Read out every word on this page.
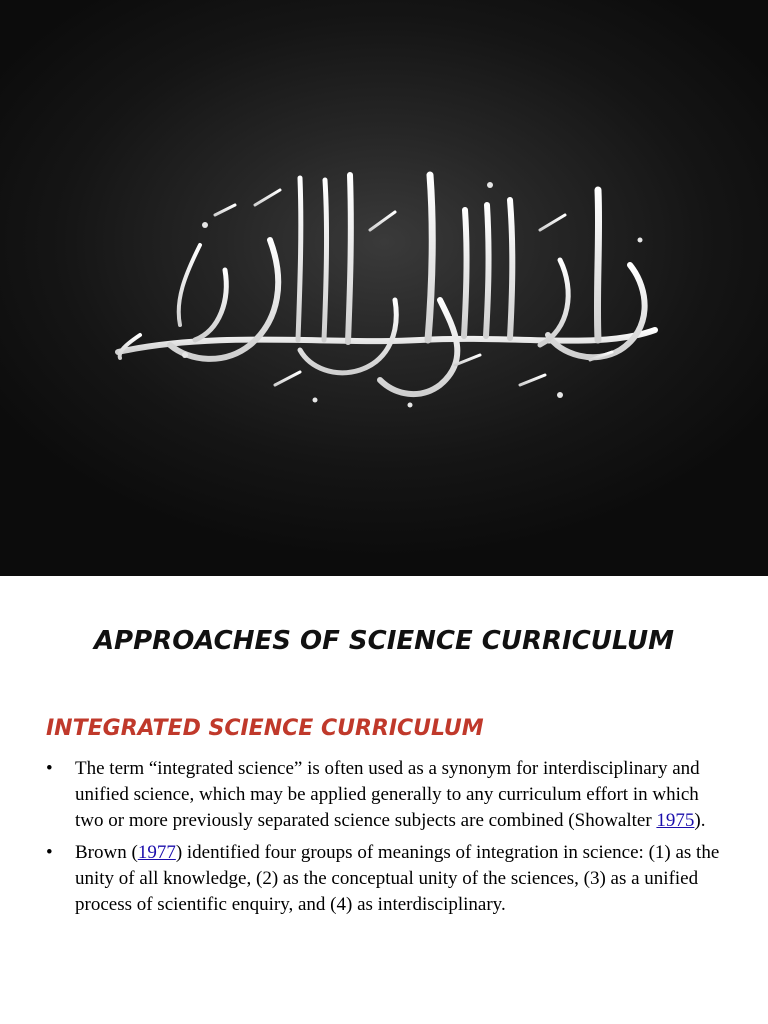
APPROACHES OF SCIENCE CURRICULUM
INTEGRATED SCIENCE CURRICULUM
• The term “integrated science” is often used as a synonym for interdisciplinary and unified science, which may be applied generally to any curriculum effort in which two or more previously separated science subjects are combined (Showalter 1975).
• Brown (1977) identified four groups of meanings of integration in science: (1) as the unity of all knowledge, (2) as the conceptual unity of the sciences, (3) as a unified process of scientific enquiry, and (4) as interdisciplinary.
